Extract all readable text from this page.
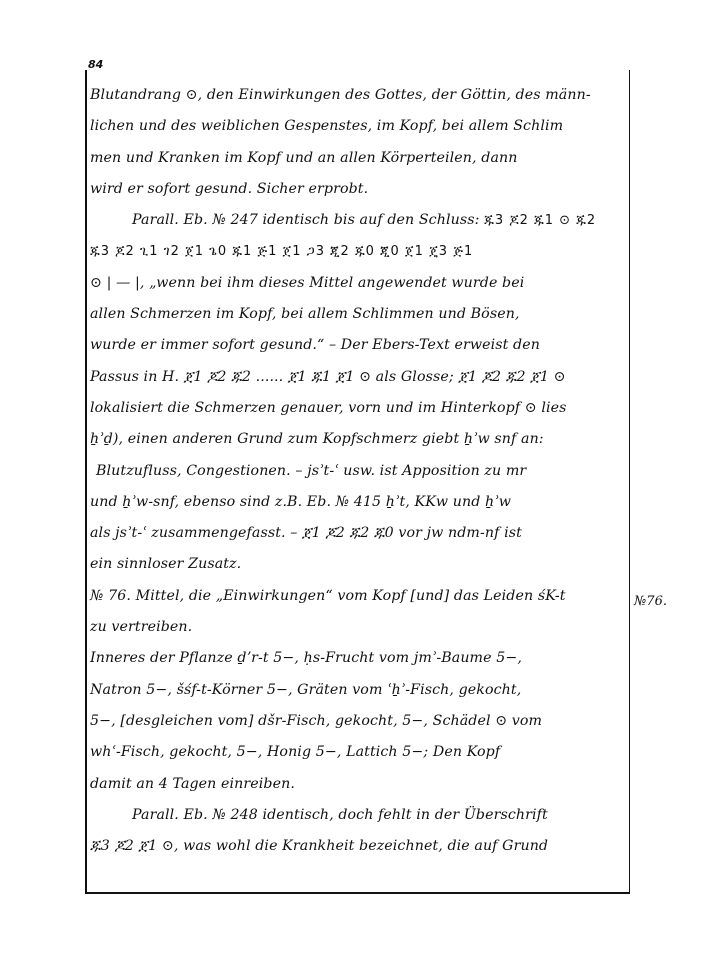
84
Blutandrang ⊙, den Einwirkungen des Gottes, der Göttin, des männ-
lichen und des weiblichen Gespenstes, im Kopf, bei allem Schlim
men und Kranken im Kopf und an allen Körperteilen, dann
wird er sofort gesund. Sicher erprobt.
Parall. Eb. № 247 identisch bis auf den Schluss: ጁ3 ጆ2 ጁ1 ⊙ ጁ2
ጁ3 ጆ2 ጊ1 ገ2 ጀ1 ጌ0 ጁ1 ጅ1 ጀ1 ጋ3 ጂ2 ጁ0 ጂ0 ጀ1 ጄ3 ጅ1
⊙ | — |, „wenn bei ihm dieses Mittel angewendet wurde bei
allen Schmerzen im Kopf, bei allem Schlimmen und Bösen,
wurde er immer sofort gesund.“ – Der Ebers-Text erweist den
Passus in H. ጀ1 ጆ2 ጁ2 ...... ጀ1 ጁ1 ጀ1 ⊙ als Glosse; ጀ1 ጆ2 ጁ2 ጀ1 ⊙
lokalisiert die Schmerzen genauer, vorn und im Hinterkopf ⊙ lies
ẖʾḏ), einen anderen Grund zum Kopfschmerz giebt ẖʾw snf an:
Blutzufluss, Congestionen. – jsʾt-ʿ usw. ist Apposition zu mr
und ẖʾw-snf, ebenso sind z.B. Eb. № 415 ẖʾt, KKw und ẖʾw
als jsʾt-ʿ zusammengefasst. – ጀ1 ጆ2 ጁ2 ጁ0 vor jw ndm-nf ist
ein sinnloser Zusatz.
№ 76. Mittel, die „Einwirkungen“ vom Kopf [und] das Leiden śK-t
zu vertreiben.
Inneres der Pflanze ḏʼr-t 5−, ḥs-Frucht vom jmʾ-Baume 5−,
Natron 5−, šśf-t-Körner 5−, Gräten vom ʿẖʾ-Fisch, gekocht,
5−, [desgleichen vom] dšr-Fisch, gekocht, 5−, Schädel ⊙ vom
whʿ-Fisch, gekocht, 5−, Honig 5−, Lattich 5−; Den Kopf
damit an 4 Tagen einreiben.
Parall. Eb. № 248 identisch, doch fehlt in der Überschrift
ጁ3 ጆ2 ጀ1 ⊙, was wohl die Krankheit bezeichnet, die auf Grund
№76.
